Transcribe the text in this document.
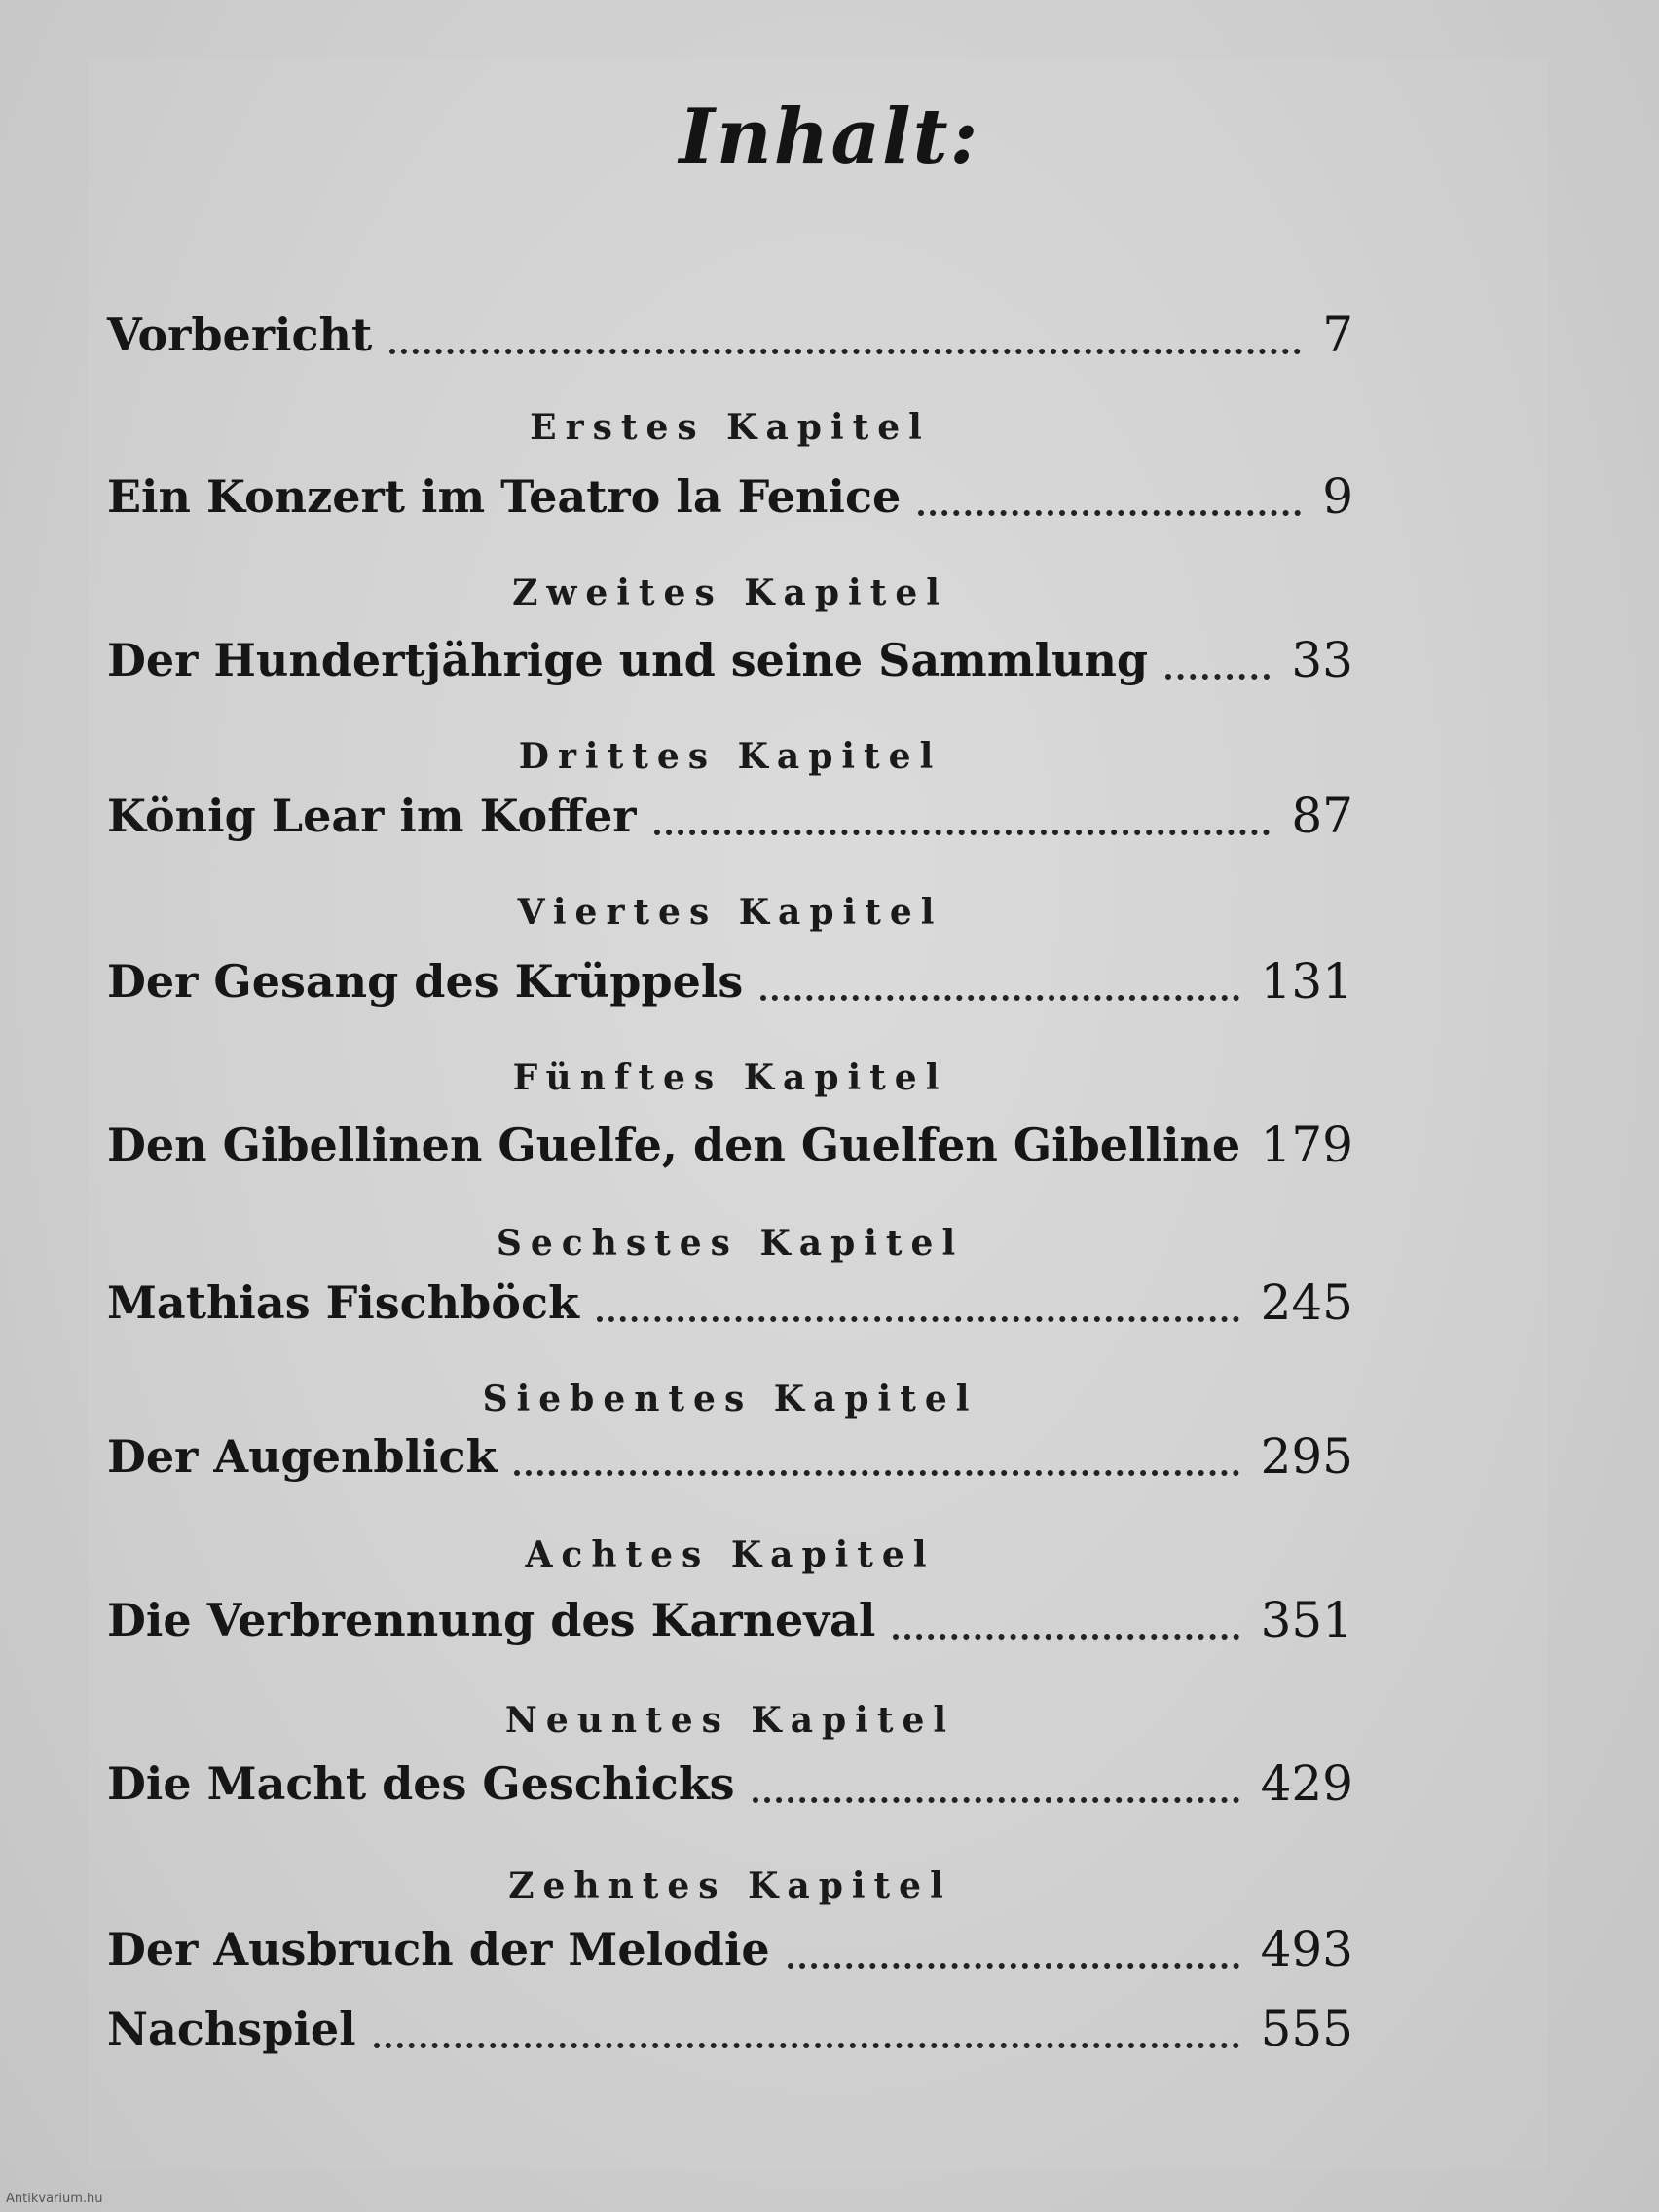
Inhalt:
Erstes Kapitel
Zweites Kapitel
Drittes Kapitel
Viertes Kapitel
Fünftes Kapitel
Sechstes Kapitel
Siebentes Kapitel
Achtes Kapitel
Neuntes Kapitel
Zehntes Kapitel
Vorbericht	7
Ein Konzert im Teatro la Fenice	9
Der Hundertjährige und seine Sammlung	33
König Lear im Koffer	87
Der Gesang des Krüppels	131
Den Gibellinen Guelfe, den Guelfen Gibelline 179
Mathias Fischböck	245
Der Augenblick	295
Die Verbrennung des Karneval	351
Die Macht des Geschicks	429
Der Ausbruch der Melodie	493
Nachspiel	555
Antikvarium.hu
